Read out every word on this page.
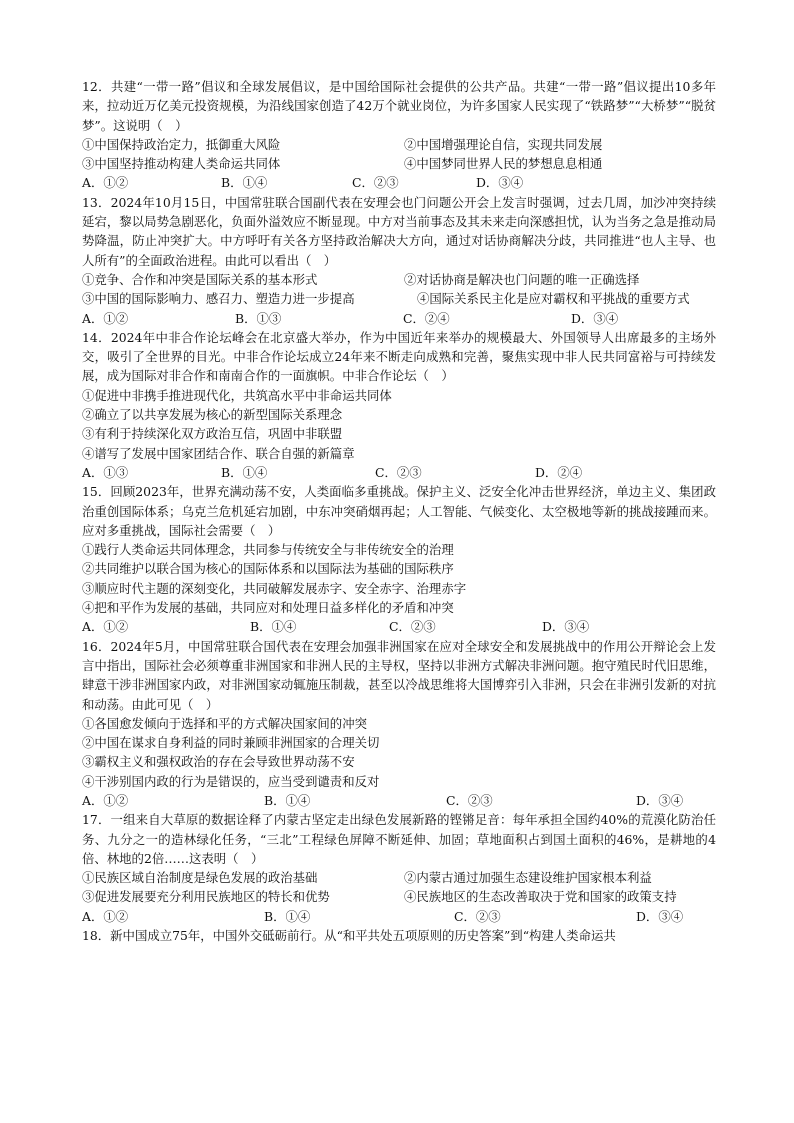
12．共建“一带一路”倡议和全球发展倡议，是中国给国际社会提供的公共产品。共建“一带一路”倡议提出10多年来，拉动近万亿美元投资规模，为沿线国家创造了42万个就业岗位，为许多国家人民实现了“铁路梦”“大桥梦”“脱贫梦”。这说明（　）
①中国保持政治定力，抵御重大风险	②中国增强理论自信，实现共同发展
③中国坚持推动构建人类命运共同体	④中国梦同世界人民的梦想息息相通
A．①②	B．①④	C．②③	D．③④
13．2024年10月15日，中国常驻联合国副代表在安理会也门问题公开会上发言时强调，过去几周，加沙冲突持续延宕，黎以局势急剧恶化，负面外溢效应不断显现。中方对当前事态及其未来走向深感担忧，认为当务之急是推动局势降温，防止冲突扩大。中方呼吁有关各方坚持政治解决大方向，通过对话协商解决分歧，共同推进“也人主导、也人所有”的全面政治进程。由此可以看出（　）
①竞争、合作和冲突是国际关系的基本形式	②对话协商是解决也门问题的唯一正确选择
③中国的国际影响力、感召力、塑造力进一步提高	④国际关系民主化是应对霸权和平挑战的重要方式
A．①②	B．①③	C．②④	D．③④
14．2024年中非合作论坛峰会在北京盛大举办，作为中国近年来举办的规模最大、外国领导人出席最多的主场外交，吸引了全世界的目光。中非合作论坛成立24年来不断走向成熟和完善，聚焦实现中非人民共同富裕与可持续发展，成为国际对非合作和南南合作的一面旗帜。中非合作论坛（　）
①促进中非携手推进现代化，共筑高水平中非命运共同体
②确立了以共享发展为核心的新型国际关系理念
③有利于持续深化双方政治互信，巩固中非联盟
④谱写了发展中国家团结合作、联合自强的新篇章
A．①③	B．①④	C．②③	D．②④
15．回顾2023年，世界充满动荡不安，人类面临多重挑战。保护主义、泛安全化冲击世界经济，单边主义、集团政治重创国际体系；乌克兰危机延宕加剧，中东冲突硝烟再起；人工智能、气候变化、太空极地等新的挑战接踵而来。应对多重挑战，国际社会需要（　）
①践行人类命运共同体理念，共同参与传统安全与非传统安全的治理
②共同维护以联合国为核心的国际体系和以国际法为基础的国际秩序
③顺应时代主题的深刻变化，共同破解发展赤字、安全赤字、治理赤字
④把和平作为发展的基础，共同应对和处理日益多样化的矛盾和冲突
A．①②	B．①④	C．②③	D．③④
16．2024年5月，中国常驻联合国代表在安理会加强非洲国家在应对全球安全和发展挑战中的作用公开辩论会上发言中指出，国际社会必须尊重非洲国家和非洲人民的主导权，坚持以非洲方式解决非洲问题。抱守殖民时代旧思维，肆意干涉非洲国家内政，对非洲国家动辄施压制裁，甚至以冷战思维将大国博弈引入非洲，只会在非洲引发新的对抗和动荡。由此可见（　）
①各国愈发倾向于选择和平的方式解决国家间的冲突
②中国在谋求自身利益的同时兼顾非洲国家的合理关切
③霸权主义和强权政治的存在会导致世界动荡不安
④干涉别国内政的行为是错误的，应当受到谴责和反对
A．①②	B．①④	C．②③	D．③④
17．一组来自大草原的数据诠释了内蒙古坚定走出绿色发展新路的铿锵足音：每年承担全国约40%的荒漠化防治任务、九分之一的造林绿化任务，“三北”工程绿色屏障不断延伸、加固；草地面积占到国土面积的46%，是耕地的4倍、林地的2倍……这表明（　）
①民族区域自治制度是绿色发展的政治基础	②内蒙古通过加强生态建设维护国家根本利益
③促进发展要充分利用民族地区的特长和优势	④民族地区的生态改善取决于党和国家的政策支持
A．①②	B．①④	C．②③	D．③④
18．新中国成立75年，中国外交砥砺前行。从“和平共处五项原则的历史答案”到“构建人类命运共
